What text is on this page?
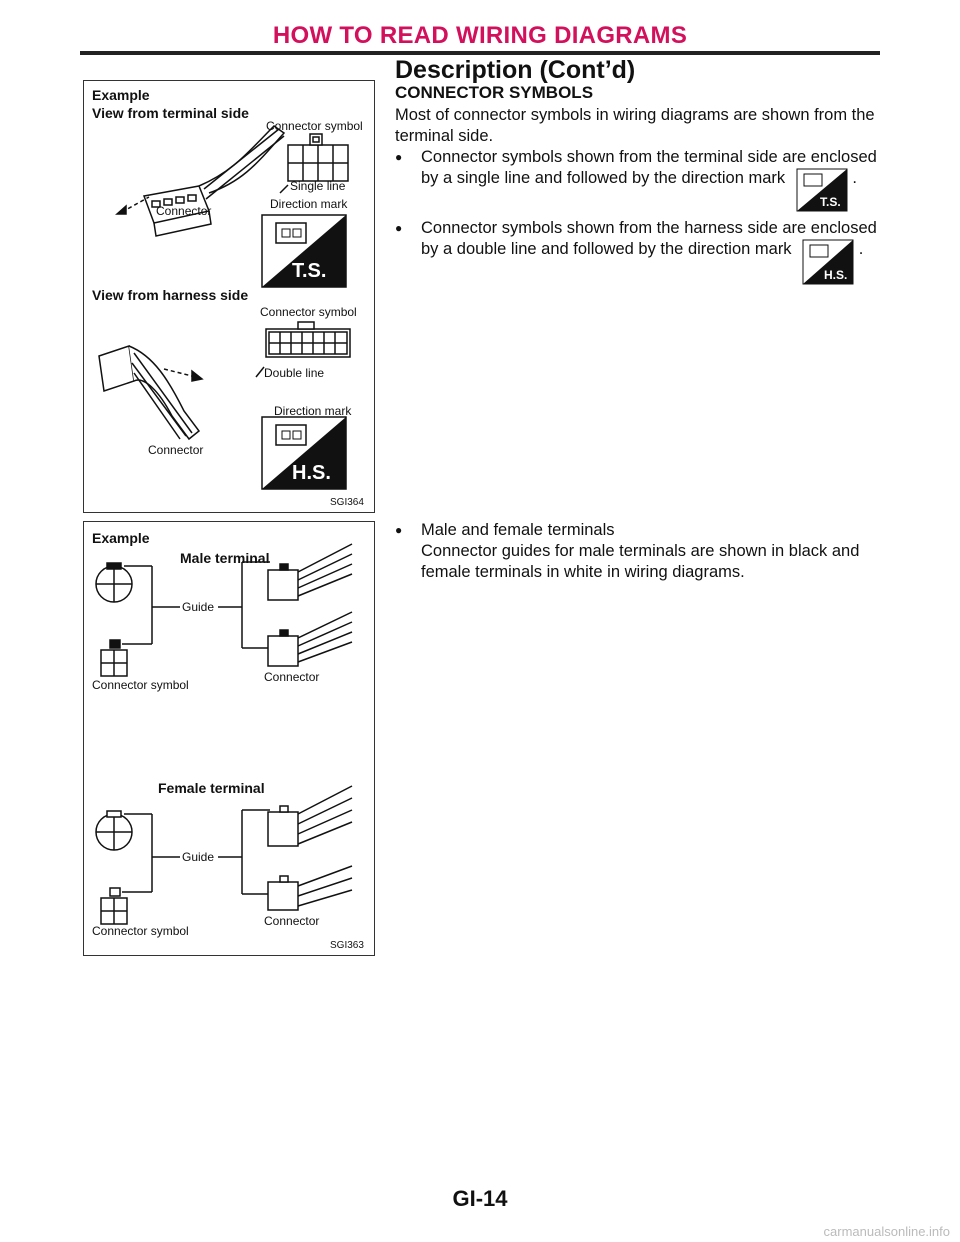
HOW TO READ WIRING DIAGRAMS
Description (Cont’d)
T.S.
H.S.
Example
View from terminal side
Connector symbol
Single line
Connector	Direction mark
View from harness side
Connector symbol
Double line
Direction mark
Connector
SGI364
Example
Male terminal
Guide
Connector symbol
Connector
Female terminal
Guide
Connector symbol
Connector
SGI363
CONNECTOR SYMBOLS

Most of connector symbols in wiring diagrams are shown from the terminal side.

● Connector symbols shown from the terminal side are enclosed by a single line and followed by the direction mark
T.S.
.
● Connector symbols shown from the harness side are enclosed by a double line and followed by the direction mark
H.S.
.
● Male and female terminals

Connector guides for male terminals are shown in black and female terminals in white in wiring diagrams.

GI-14
carmanualsonline.info
